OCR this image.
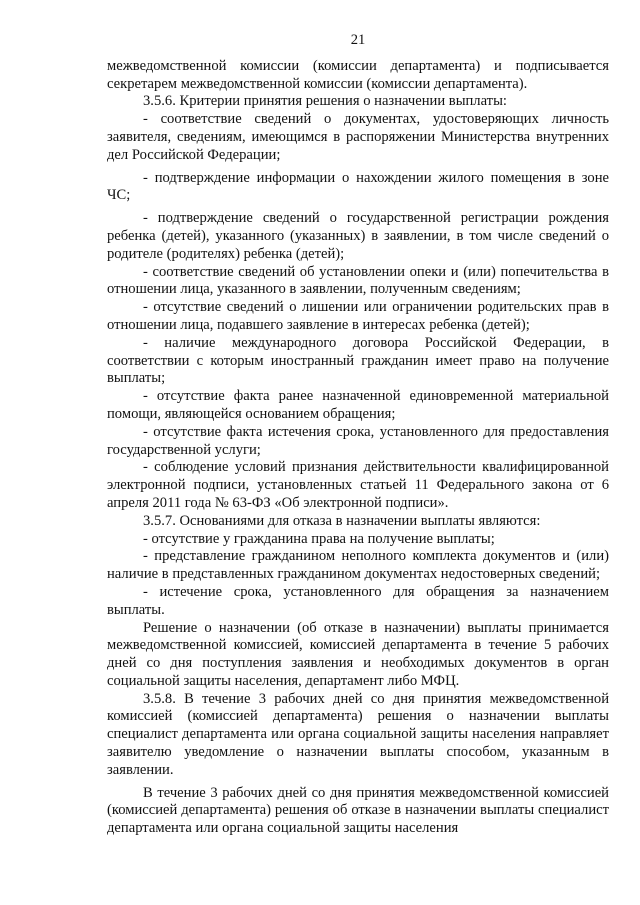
21

межведомственной комиссии (комиссии департамента) и подписывается секретарем межведомственной комиссии (комиссии департамента).

3.5.6. Критерии принятия решения о назначении выплаты:

- соответствие сведений о документах, удостоверяющих личность заявителя, сведениям, имеющимся в распоряжении Министерства внутренних дел Российской Федерации;

- подтверждение информации о нахождении жилого помещения в зоне ЧС;

- подтверждение сведений о государственной регистрации рождения ребенка (детей), указанного (указанных) в заявлении, в том числе сведений о родителе (родителях) ребенка (детей);

- соответствие сведений об установлении опеки и (или) попечительства в отношении лица, указанного в заявлении, полученным сведениям;

- отсутствие сведений о лишении или ограничении родительских прав в отношении лица, подавшего заявление в интересах ребенка (детей);

- наличие международного договора Российской Федерации, в соответствии с которым иностранный гражданин имеет право на получение выплаты;

- отсутствие факта ранее назначенной единовременной материальной помощи, являющейся основанием обращения;

- отсутствие факта истечения срока, установленного для предоставления государственной услуги;

- соблюдение условий признания действительности квалифицированной электронной подписи, установленных статьей 11 Федерального закона от 6 апреля 2011 года № 63-ФЗ «Об электронной подписи».

3.5.7. Основаниями для отказа в назначении выплаты являются:

- отсутствие у гражданина права на получение выплаты;

- представление гражданином неполного комплекта документов и (или) наличие в представленных гражданином документах недостоверных сведений;

- истечение срока, установленного для обращения за назначением выплаты.

Решение о назначении (об отказе в назначении) выплаты принимается межведомственной комиссией, комиссией департамента в течение 5 рабочих дней со дня поступления заявления и необходимых документов в орган социальной защиты населения, департамент либо МФЦ.

3.5.8. В течение 3 рабочих дней со дня принятия межведомственной комиссией (комиссией департамента) решения о назначении выплаты специалист департамента или органа социальной защиты населения направляет заявителю уведомление о назначении выплаты способом, указанным в заявлении.

В течение 3 рабочих дней со дня принятия межведомственной комиссией (комиссией департамента) решения об отказе в назначении выплаты специалист департамента или органа социальной защиты населения
